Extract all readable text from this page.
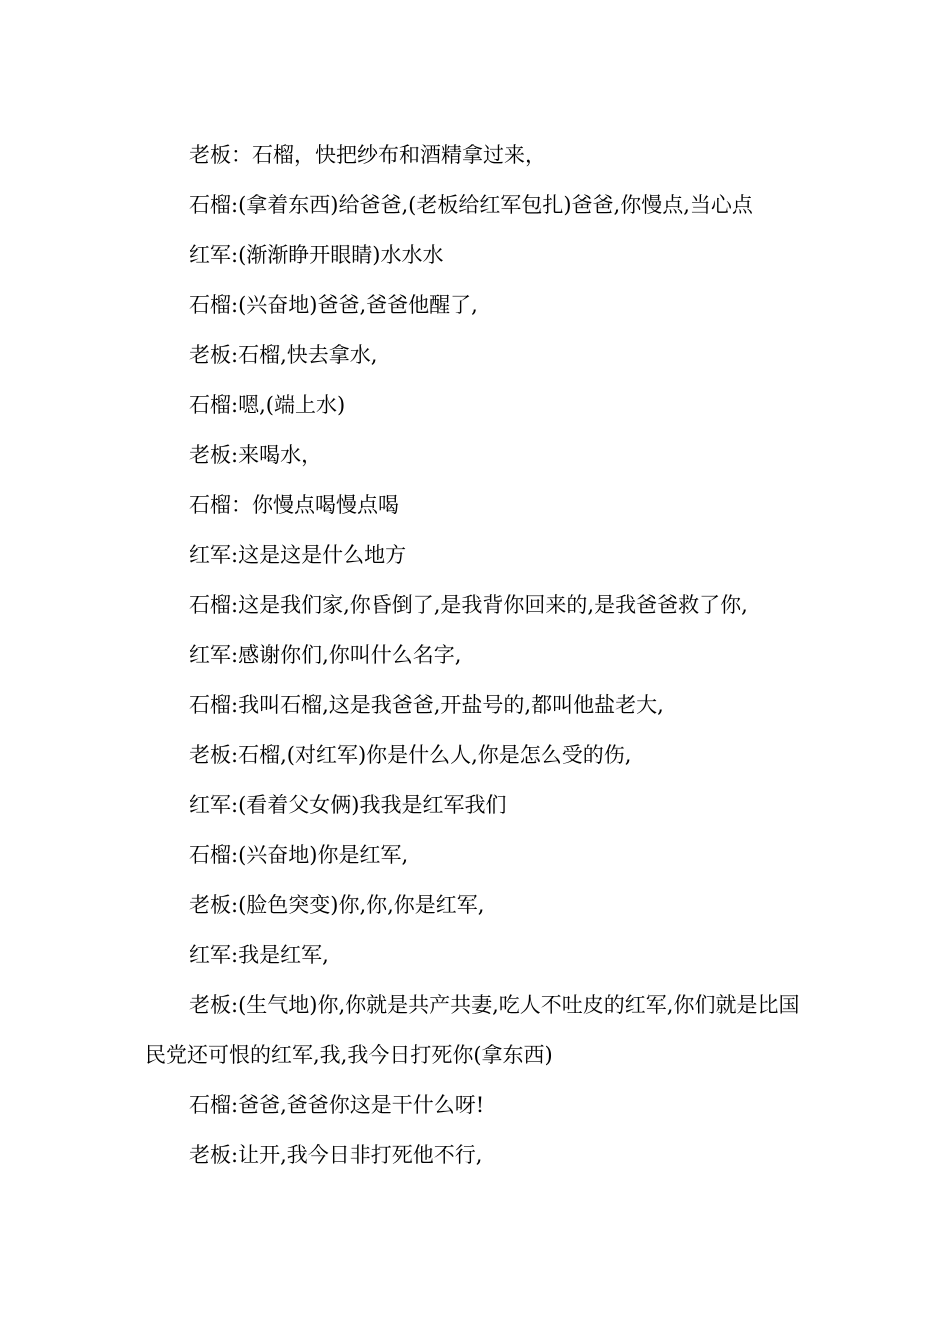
老板：石榴，快把纱布和酒精拿过来，

石榴:(拿着东西)给爸爸,(老板给红军包扎)爸爸,你慢点,当心点

红军:(渐渐睁开眼睛)水水水

石榴:(兴奋地)爸爸,爸爸他醒了,

老板:石榴,快去拿水,

石榴:嗯,(端上水)

老板:来喝水，

石榴：你慢点喝慢点喝

红军:这是这是什么地方

石榴:这是我们家,你昏倒了,是我背你回来的,是我爸爸救了你,

红军:感谢你们,你叫什么名字,

石榴:我叫石榴,这是我爸爸,开盐号的,都叫他盐老大,

老板:石榴,(对红军)你是什么人,你是怎么受的伤,

红军:(看着父女俩)我我是红军我们

石榴:(兴奋地)你是红军,

老板:(脸色突变)你,你,你是红军,

红军:我是红军,

老板:(生气地)你,你就是共产共妻,吃人不吐皮的红军,你们就是比国民党还可恨的红军,我,我今日打死你(拿东西)

石榴:爸爸,爸爸你这是干什么呀!

老板:让开,我今日非打死他不行,
